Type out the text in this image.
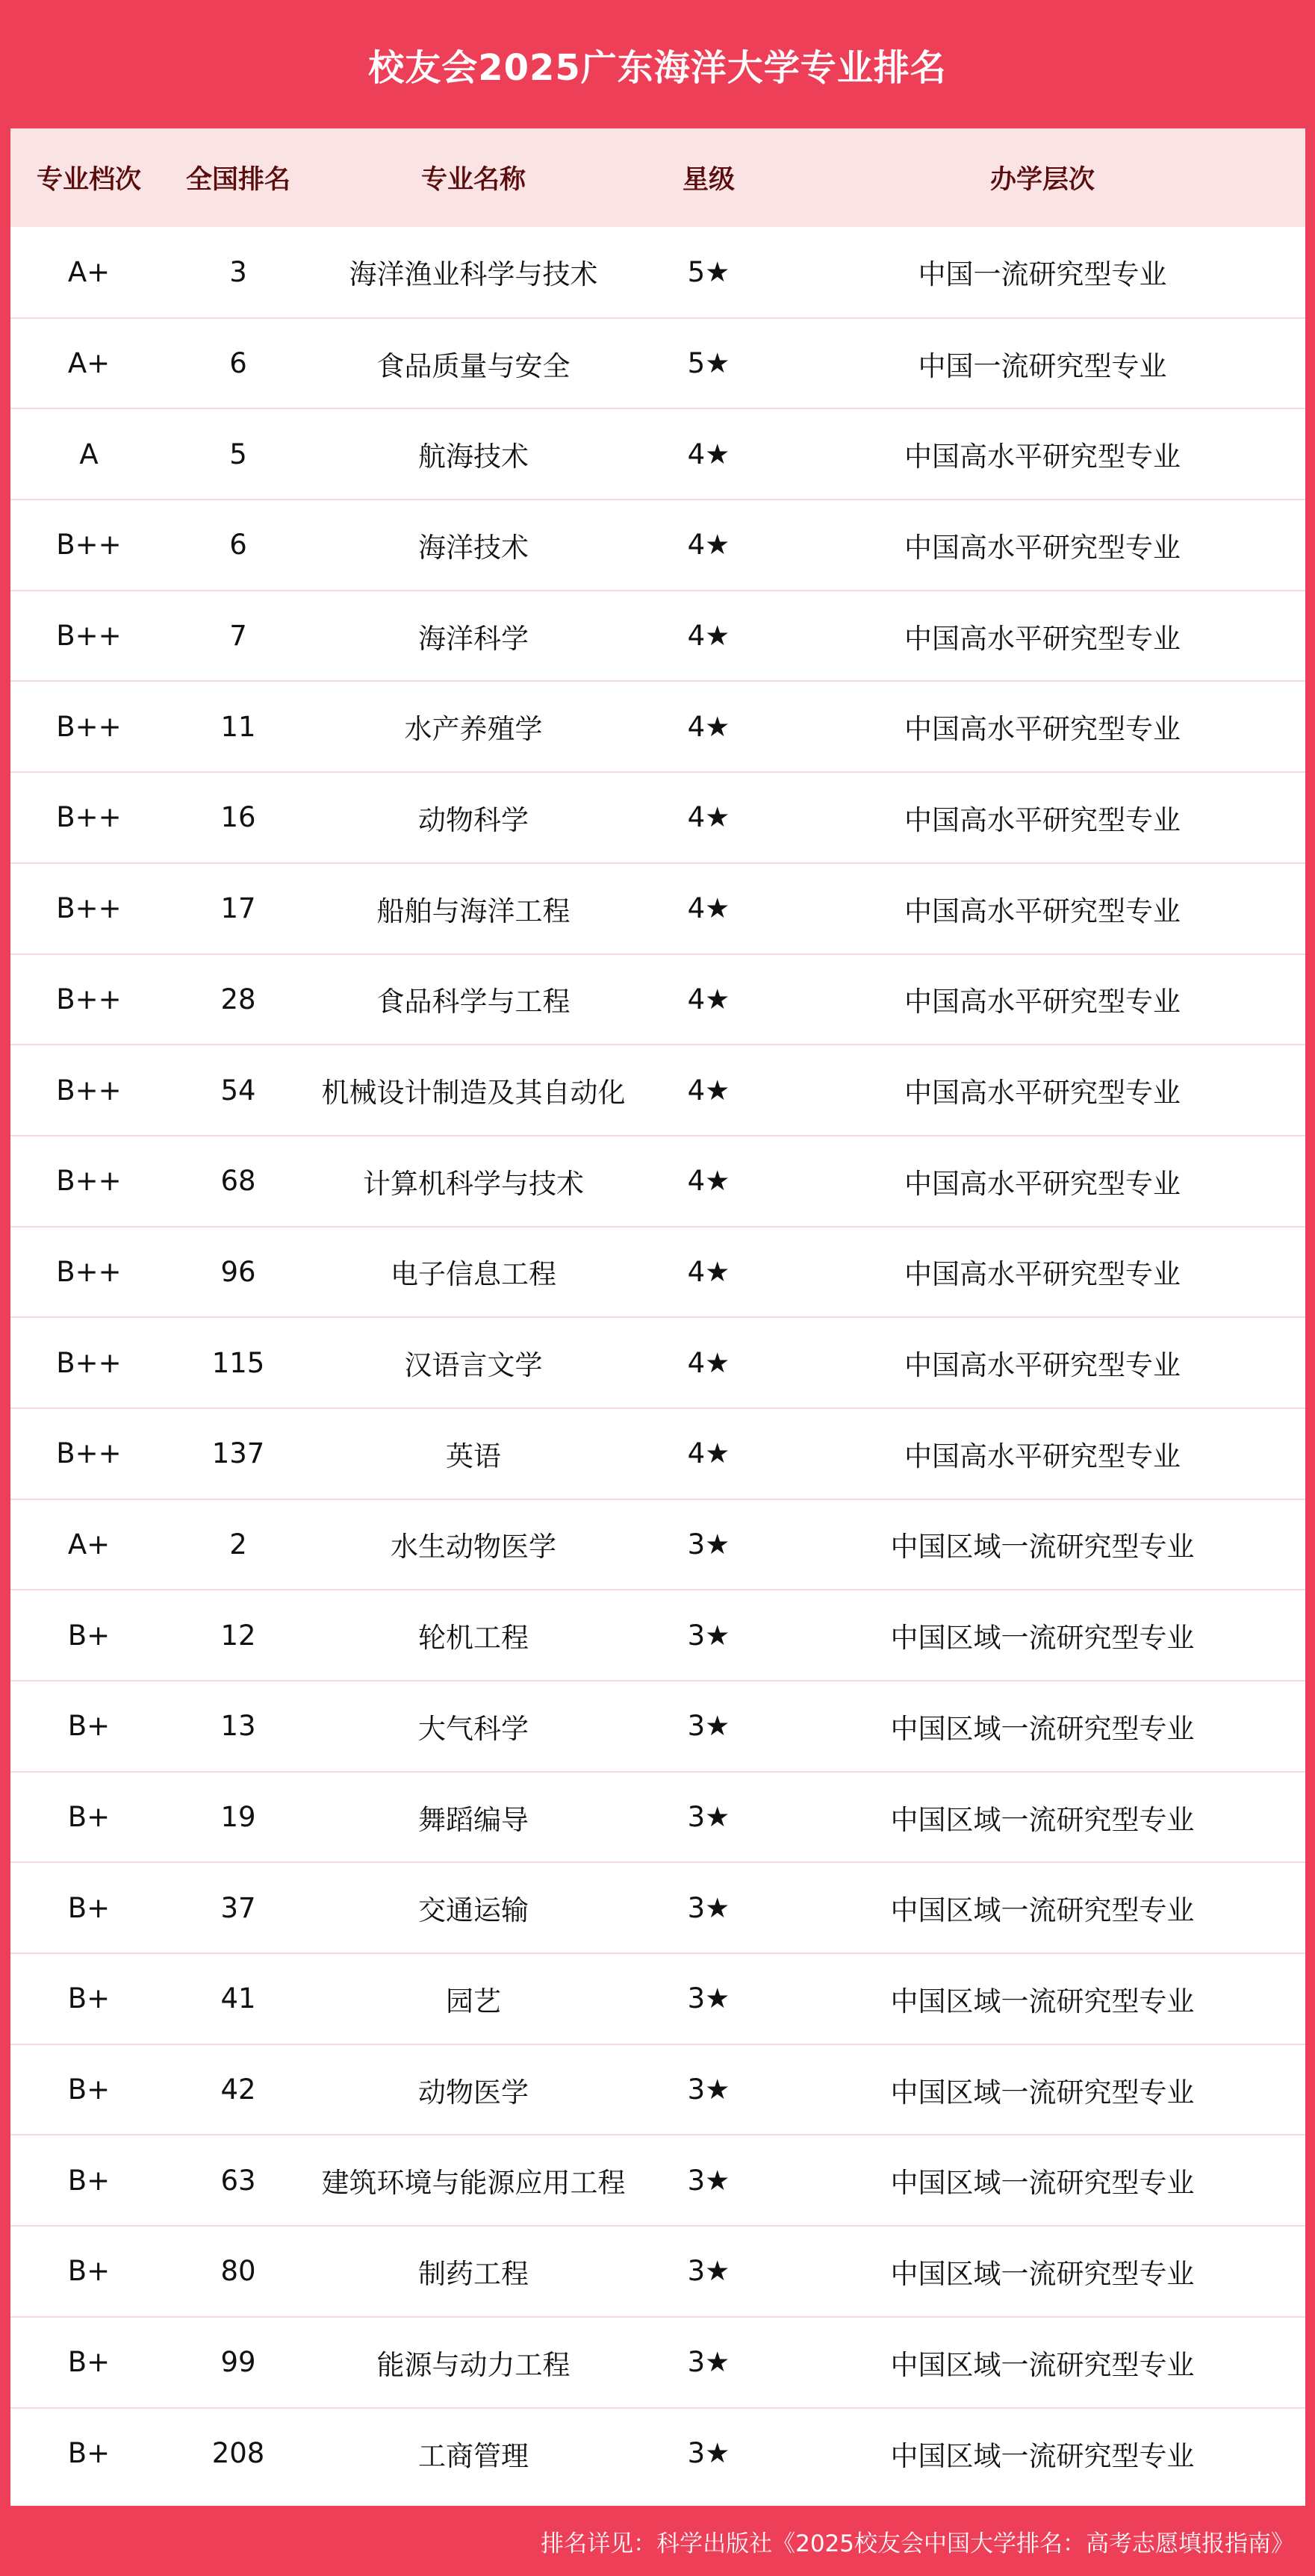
校友会2025广东海洋大学专业排名
专业档次	全国排名	专业名称	星级	办学层次
A+	3	海洋渔业科学与技术	5★	中国一流研究型专业
A+	6	食品质量与安全	5★	中国一流研究型专业
A	5	航海技术	4★	中国高水平研究型专业
B++	6	海洋技术	4★	中国高水平研究型专业
B++	7	海洋科学	4★	中国高水平研究型专业
B++	11	水产养殖学	4★	中国高水平研究型专业
B++	16	动物科学	4★	中国高水平研究型专业
B++	17	船舶与海洋工程	4★	中国高水平研究型专业
B++	28	食品科学与工程	4★	中国高水平研究型专业
B++	54	机械设计制造及其自动化	4★	中国高水平研究型专业
B++	68	计算机科学与技术	4★	中国高水平研究型专业
B++	96	电子信息工程	4★	中国高水平研究型专业
B++	115	汉语言文学	4★	中国高水平研究型专业
B++	137	英语	4★	中国高水平研究型专业
A+	2	水生动物医学	3★	中国区域一流研究型专业
B+	12	轮机工程	3★	中国区域一流研究型专业
B+	13	大气科学	3★	中国区域一流研究型专业
B+	19	舞蹈编导	3★	中国区域一流研究型专业
B+	37	交通运输	3★	中国区域一流研究型专业
B+	41	园艺	3★	中国区域一流研究型专业
B+	42	动物医学	3★	中国区域一流研究型专业
B+	63	建筑环境与能源应用工程	3★	中国区域一流研究型专业
B+	80	制药工程	3★	中国区域一流研究型专业
B+	99	能源与动力工程	3★	中国区域一流研究型专业
B+	208	工商管理	3★	中国区域一流研究型专业
排名详见：科学出版社《2025校友会中国大学排名：高考志愿填报指南》
